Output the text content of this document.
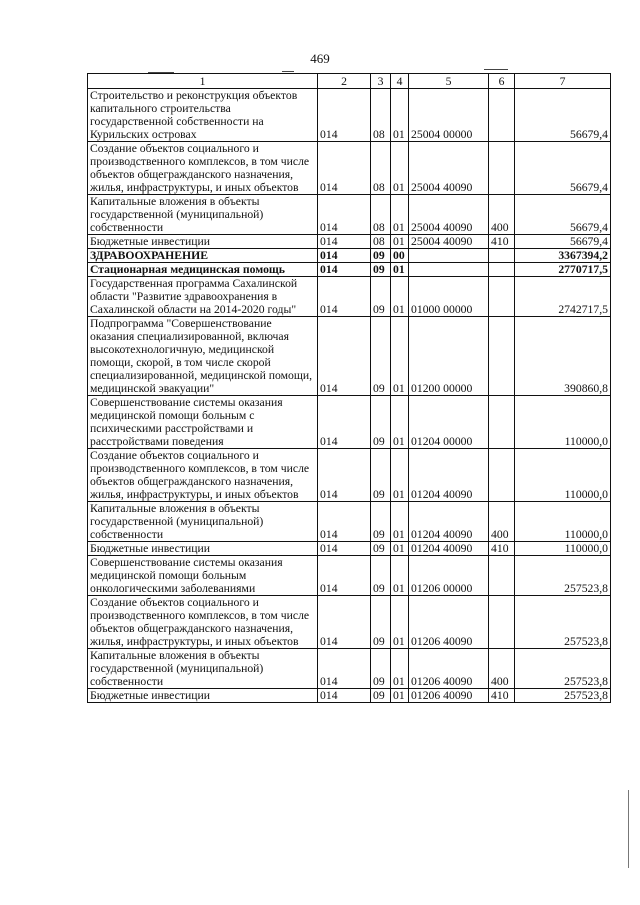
469
1	2	3	4	5	6	7
Строительство и реконструкция объектов капитального строительства государственной собственности на Курильских островах	014	08	01	25004 00000		56679,4
Создание объектов социального и производственного комплексов, в том числе объектов общегражданского назначения, жилья, инфраструктуры, и иных объектов	014	08	01	25004 40090		56679,4
Капитальные вложения в объекты государственной (муниципальной) собственности	014	08	01	25004 40090	400	56679,4
Бюджетные инвестиции	014	08	01	25004 40090	410	56679,4
ЗДРАВООХРАНЕНИЕ	014	09	00			3367394,2
Стационарная медицинская помощь	014	09	01			2770717,5
Государственная программа Сахалинской области "Развитие здравоохранения в Сахалинской области на 2014-2020 годы"	014	09	01	01000 00000		2742717,5
Подпрограмма "Совершенствование оказания специализированной, включая высокотехнологичную, медицинской помощи, скорой, в том числе скорой специализированной, медицинской помощи, медицинской эвакуации"	014	09	01	01200 00000		390860,8
Совершенствование системы оказания медицинской помощи больным с психическими расстройствами и расстройствами поведения	014	09	01	01204 00000		110000,0
Создание объектов социального и производственного комплексов, в том числе объектов общегражданского назначения, жилья, инфраструктуры, и иных объектов	014	09	01	01204 40090		110000,0
Капитальные вложения в объекты государственной (муниципальной) собственности	014	09	01	01204 40090	400	110000,0
Бюджетные инвестиции	014	09	01	01204 40090	410	110000,0
Совершенствование системы оказания медицинской помощи больным онкологическими заболеваниями	014	09	01	01206 00000		257523,8
Создание объектов социального и производственного комплексов, в том числе объектов общегражданского назначения, жилья, инфраструктуры, и иных объектов	014	09	01	01206 40090		257523,8
Капитальные вложения в объекты государственной (муниципальной) собственности	014	09	01	01206 40090	400	257523,8
Бюджетные инвестиции	014	09	01	01206 40090	410	257523,8
